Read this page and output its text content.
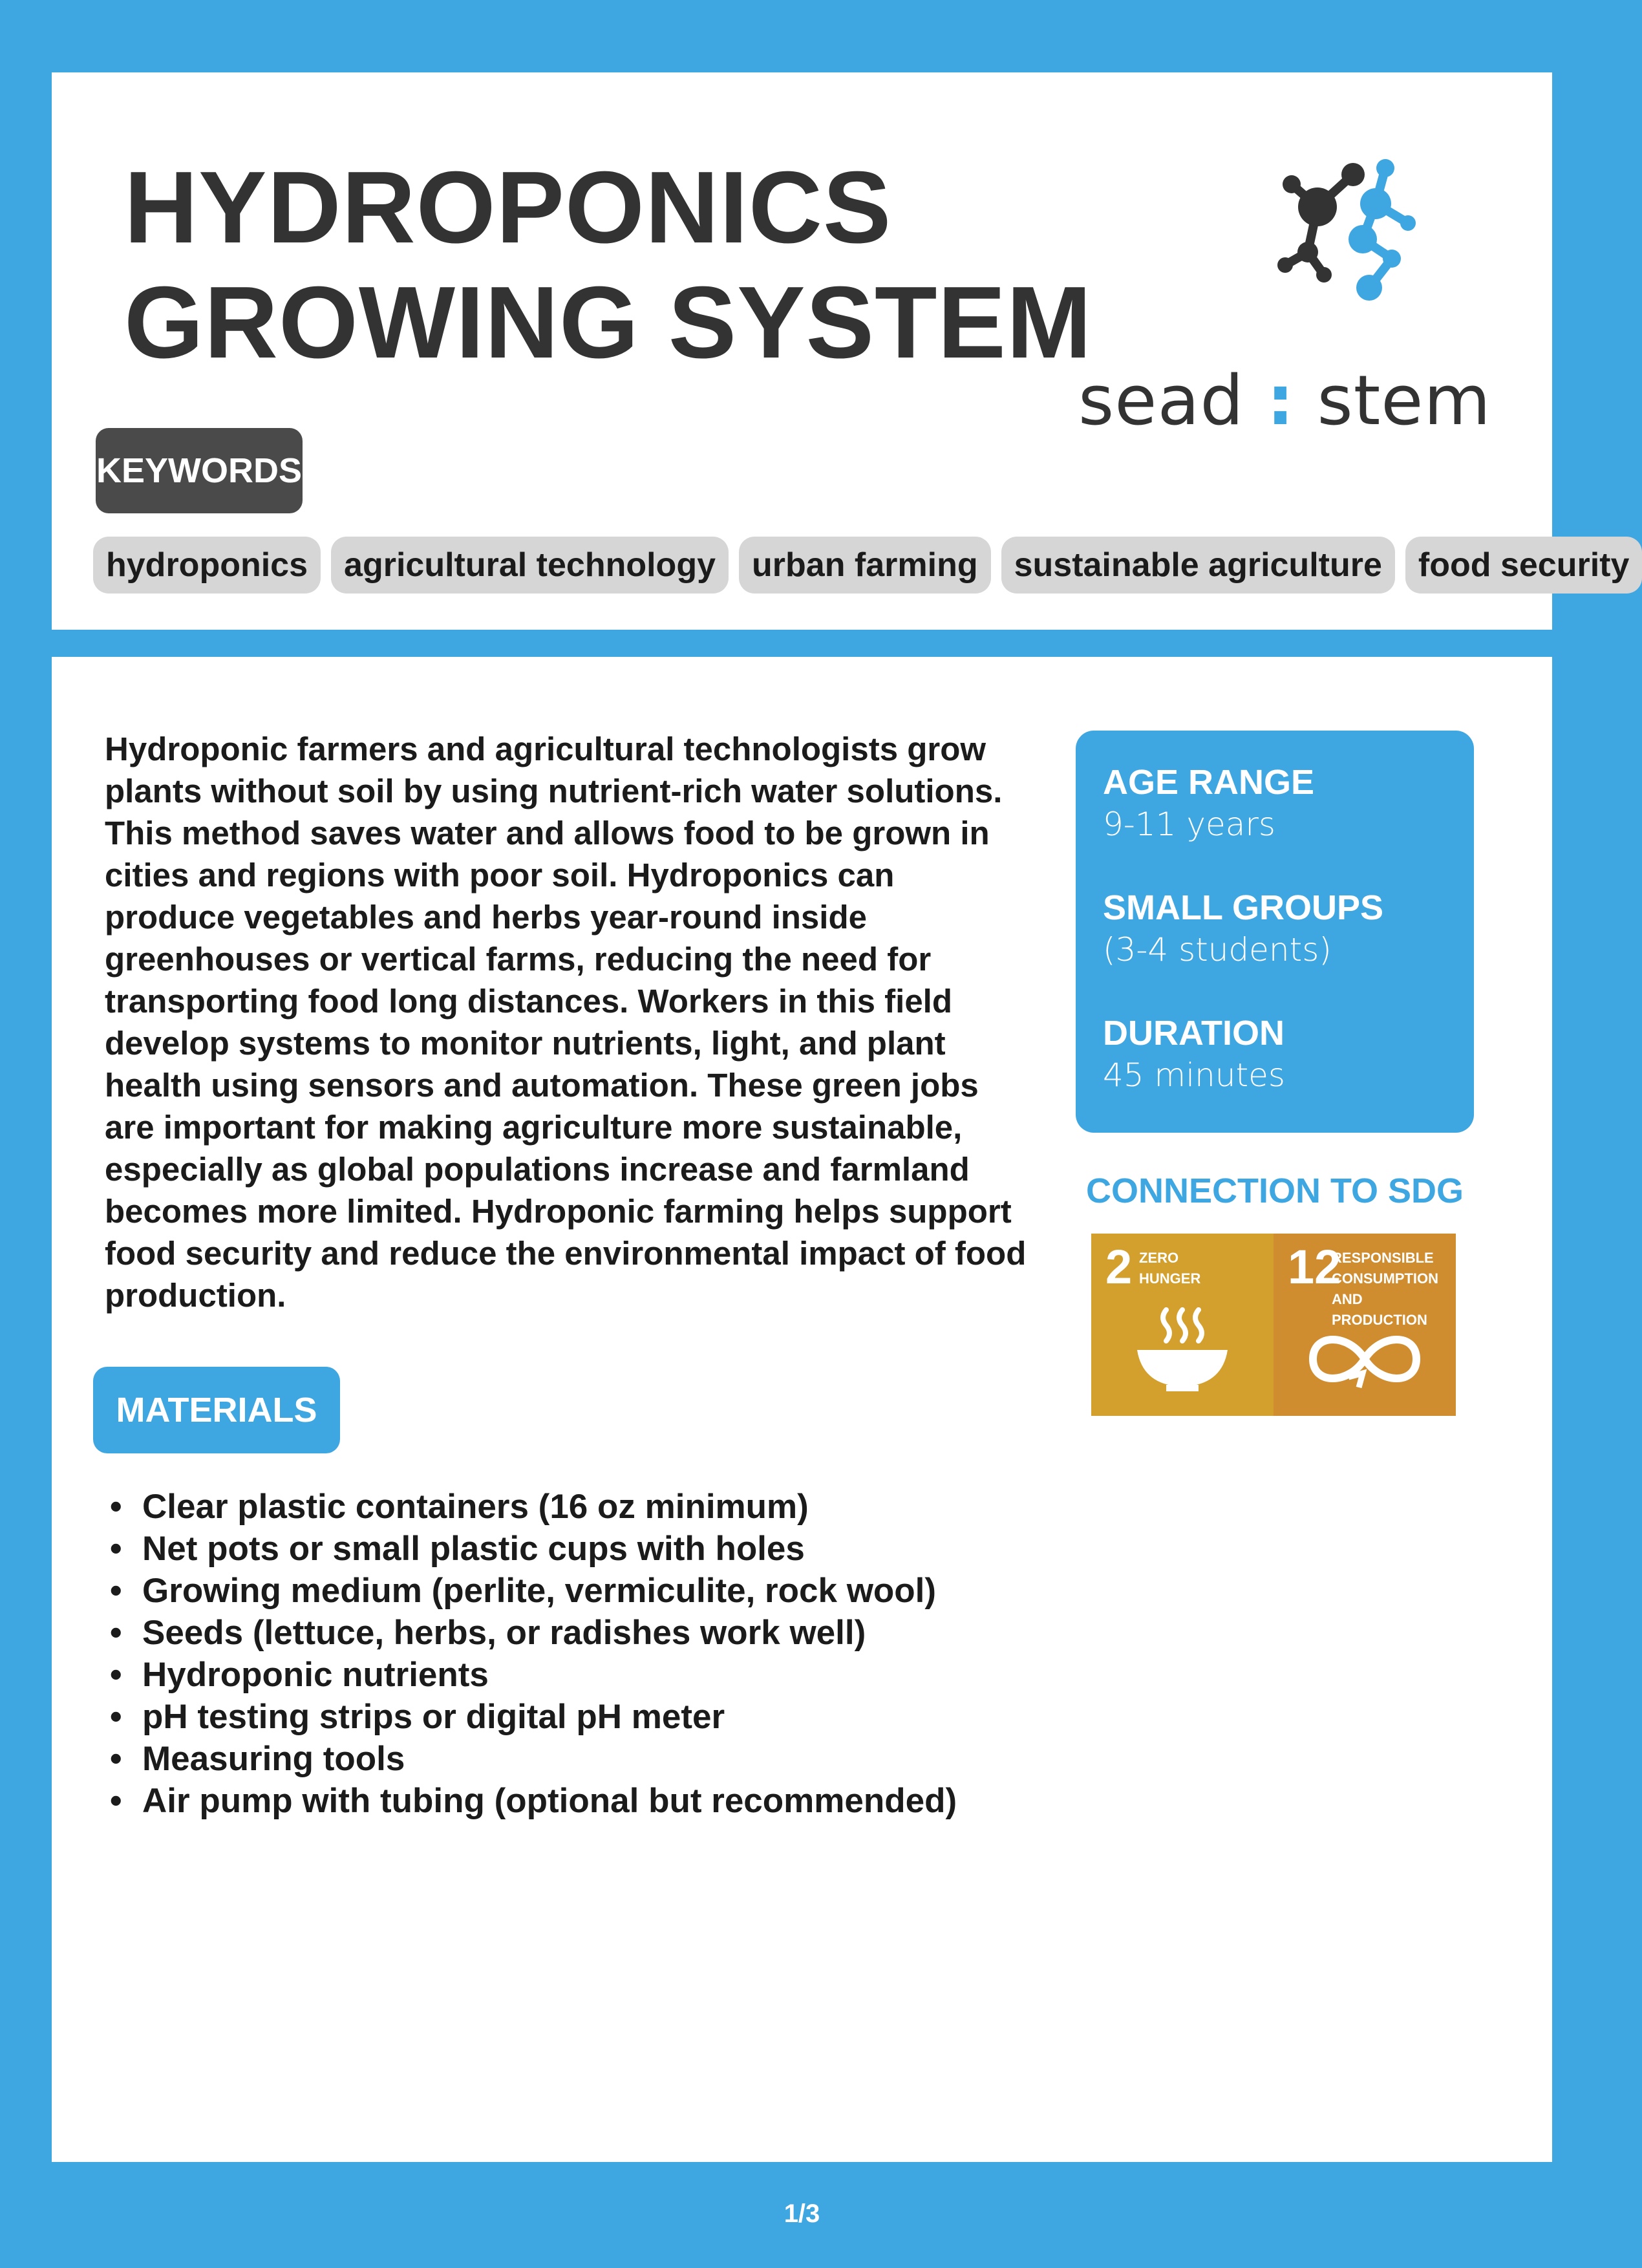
HYDROPONICS
GROWING SYSTEM
sead : stem
KEYWORDS
hydroponics	agricultural technology	urban farming	sustainable agriculture	food security

Hydroponic farmers and agricultural technologists grow plants without soil by using nutrient-rich water solutions. This method saves water and allows food to be grown in cities and regions with poor soil. Hydroponics can produce vegetables and herbs year-round inside greenhouses or vertical farms, reducing the need for transporting food long distances. Workers in this field develop systems to monitor nutrients, light, and plant health using sensors and automation. These green jobs are important for making agriculture more sustainable, especially as global populations increase and farmland becomes more limited. Hydroponic farming helps support food security and reduce the environmental impact of food production.

AGE RANGE
9-11 years
SMALL GROUPS
(3-4 students)
DURATION
45 minutes
CONNECTION TO SDG
2 ZERO
HUNGER	12
RESPONSIBLE
CONSUMPTION
AND PRODUCTION
MATERIALS
• Clear plastic containers (16 oz minimum)
• Net pots or small plastic cups with holes
• Growing medium (perlite, vermiculite, rock wool)
• Seeds (lettuce, herbs, or radishes work well)
• Hydroponic nutrients
• pH testing strips or digital pH meter
• Measuring tools
• Air pump with tubing (optional but recommended)
1/3
